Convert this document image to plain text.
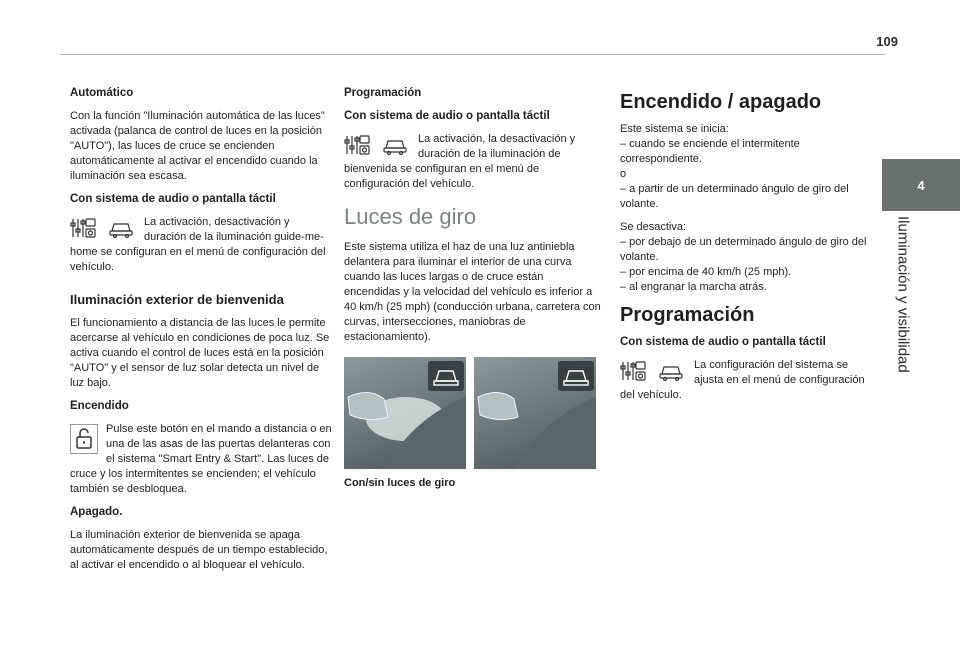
109
4
Iluminación y visibilidad
Automático

Con la función "Iluminación automática de las luces" activada (palanca de control de luces en la posición "AUTO"), las luces de cruce se encienden automáticamente al activar el encendido cuando la iluminación sea escasa.

Con sistema de audio o pantalla táctil

La activación, desactivación y duración de la iluminación guide-me-home se configuran en el menú de configuración del vehículo.

Iluminación exterior de bienvenida

El funcionamiento a distancia de las luces le permite acercarse al vehículo en condiciones de poca luz. Se activa cuando el control de luces está en la posición "AUTO" y el sensor de luz solar detecta un nivel de luz bajo.

Encendido

Pulse este botón en el mando a distancia o en una de las asas de las puertas delanteras con el sistema "Smart Entry & Start". Las luces de cruce y los intermitentes se encienden; el vehículo también se desbloquea.

Apagado.

La iluminación exterior de bienvenida se apaga automáticamente después de un tiempo establecido, al activar el encendido o al bloquear el vehículo.

Programación
Con sistema de audio o pantalla táctil

La activación, la desactivación y duración de la iluminación de bienvenida se configuran en el menú de configuración del vehículo.

Luces de giro

Este sistema utiliza el haz de una luz antiniebla delantera para iluminar el interior de una curva cuando las luces largas o de cruce están encendidas y la velocidad del vehículo es inferior a 40 km/h (25 mph) (conducción urbana, carretera con curvas, intersecciones, maniobras de estacionamiento).

Con/sin luces de giro
Encendido / apagado

Este sistema se inicia:

– cuando se enciende el intermitente correspondiente.

o

– a partir de un determinado ángulo de giro del volante.

Se desactiva:

– por debajo de un determinado ángulo de giro del volante.

– por encima de 40 km/h (25 mph).

– al engranar la marcha atrás.

Programación
Con sistema de audio o pantalla táctil

La configuración del sistema se ajusta en el menú de configuración del vehículo.
